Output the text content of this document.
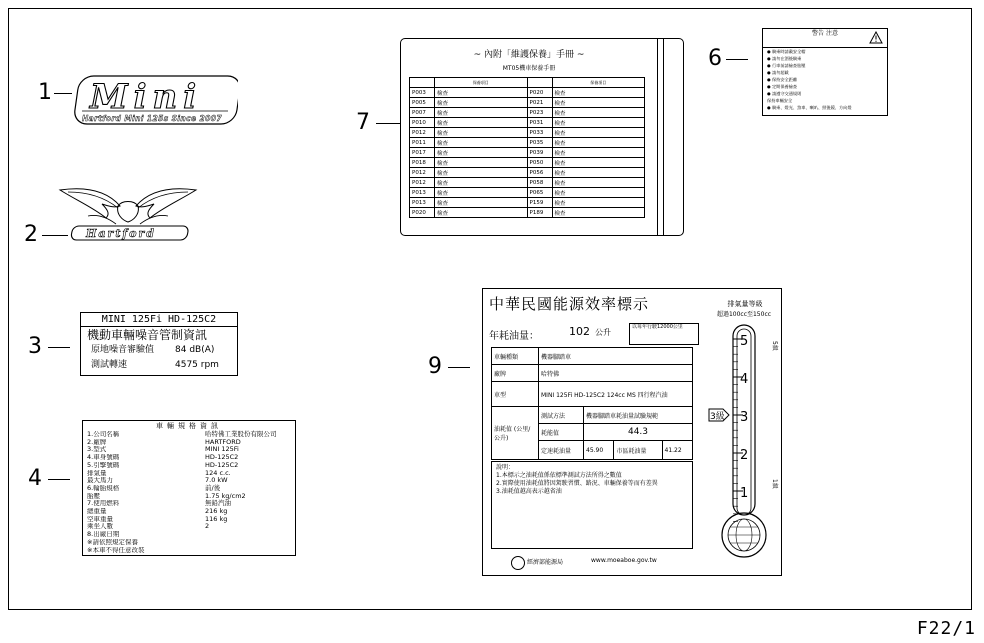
1
2
3
4
6
7
9
Mini
Hartford Mini 125s Since 2007
Hartford
MINI 125Fi HD-125C2
機動車輛噪音管制資訊
原地噪音審驗值	84 dB(A)
測試轉速	4575 rpm
車輛規格資訊
1.公司名稱	哈特佛工業股份有限公司
2.廠牌	HARTFORD
3.型式	MINI 125Fi
4.車身號碼	HD-125C2
5.引擎號碼	HD-125C2
排氣量	124 c.c.
最大馬力	7.0 kW
6.輪胎規格	前/後
胎壓	1.75 kg/cm2
7.使用燃料	無鉛汽油
總重量	216 kg
空車重量	116 kg
乘坐人數	2
8.出廠日期
※請依照規定保養
※本車不得任意改裝
~ 內附「維護保養」手冊 ~
MT05機車保養手冊
	保養項目		保養項目
P003	檢查	P020	檢查
P005	檢查	P021	檢查
P007	檢查	P023	檢查
P010	檢查	P031	檢查
P012	檢查	P033	檢查
P011	檢查	P035	檢查
P017	檢查	P039	檢查
P018	檢查	P050	檢查
P012	檢查	P056	檢查
P012	檢查	P058	檢查
P013	檢查	P065	檢查
P013	檢查	P159	檢查
P020	檢查	P189	檢查
警告 注意
● 騎乘時請戴安全帽
● 請勿在酒後騎乘
● 行車前請檢查胎壓
● 請勿超載
● 保持安全距離
● 定期保養檢查
● 請遵守交通規則
保持車輛安全
● 騎乘、燈光、煞車、喇叭、照後鏡、方向燈
中華民國能源效率標示
年耗油量：	102 公升
以每年行駛12000公里
排氣量等級
超過100cc至150cc
車輛種類	機器腳踏車			
廠牌	哈特佛			
車型	MINI 125Fi HD-125C2 124cc MS 四行程汽油			
油耗值 (公里/公升)	測試方法	機器腳踏車耗油量試驗規範		
	耗能值	44.3		
	定速耗油量	45.90	市區耗油量	41.22
說明：
1.本標示之油耗值係依標準測試方法所得之數值
2.實際使用油耗值將因駕駛習慣、路況、車輛保養等而有差異
3.油耗值越高表示越省油
經濟部能源局	www.moeaboe.gov.tw
5
4
3
2
1
5級
1級
3級
F22/1
